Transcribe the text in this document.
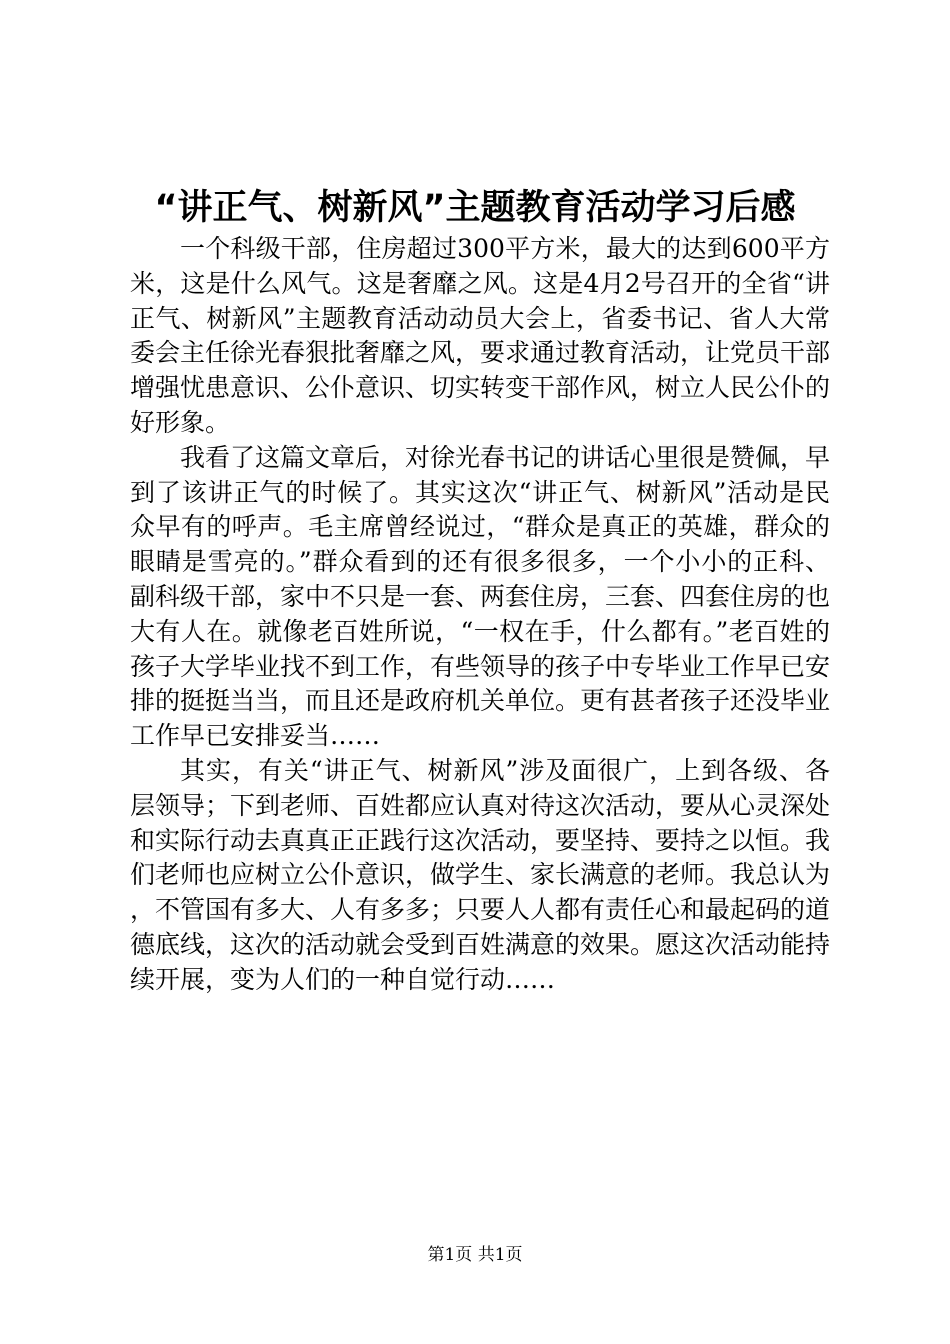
“讲正气、树新风”主题教育活动学习后感

一个科级干部，住房超过300平方米，最大的达到600平方米，这是什么风气。这是奢靡之风。这是4月2号召开的全省“讲正气、树新风”主题教育活动动员大会上，省委书记、省人大常委会主任徐光春狠批奢靡之风，要求通过教育活动，让党员干部增强忧患意识、公仆意识、切实转变干部作风，树立人民公仆的好形象。

我看了这篇文章后，对徐光春书记的讲话心里很是赞佩，早到了该讲正气的时候了。其实这次“讲正气、树新风”活动是民众早有的呼声。毛主席曾经说过，“群众是真正的英雄，群众的眼睛是雪亮的。”群众看到的还有很多很多，一个小小的正科、副科级干部，家中不只是一套、两套住房，三套、四套住房的也大有人在。就像老百姓所说，“一权在手，什么都有。”老百姓的孩子大学毕业找不到工作，有些领导的孩子中专毕业工作早已安排的挺挺当当，而且还是政府机关单位。更有甚者孩子还没毕业工作早已安排妥当……

其实，有关“讲正气、树新风”涉及面很广，上到各级、各层领导；下到老师、百姓都应认真对待这次活动，要从心灵深处和实际行动去真真正正践行这次活动，要坚持、要持之以恒。我们老师也应树立公仆意识，做学生、家长满意的老师。我总认为，不管国有多大、人有多多；只要人人都有责任心和最起码的道德底线，这次的活动就会受到百姓满意的效果。愿这次活动能持续开展，变为人们的一种自觉行动……

第1页 共1页
